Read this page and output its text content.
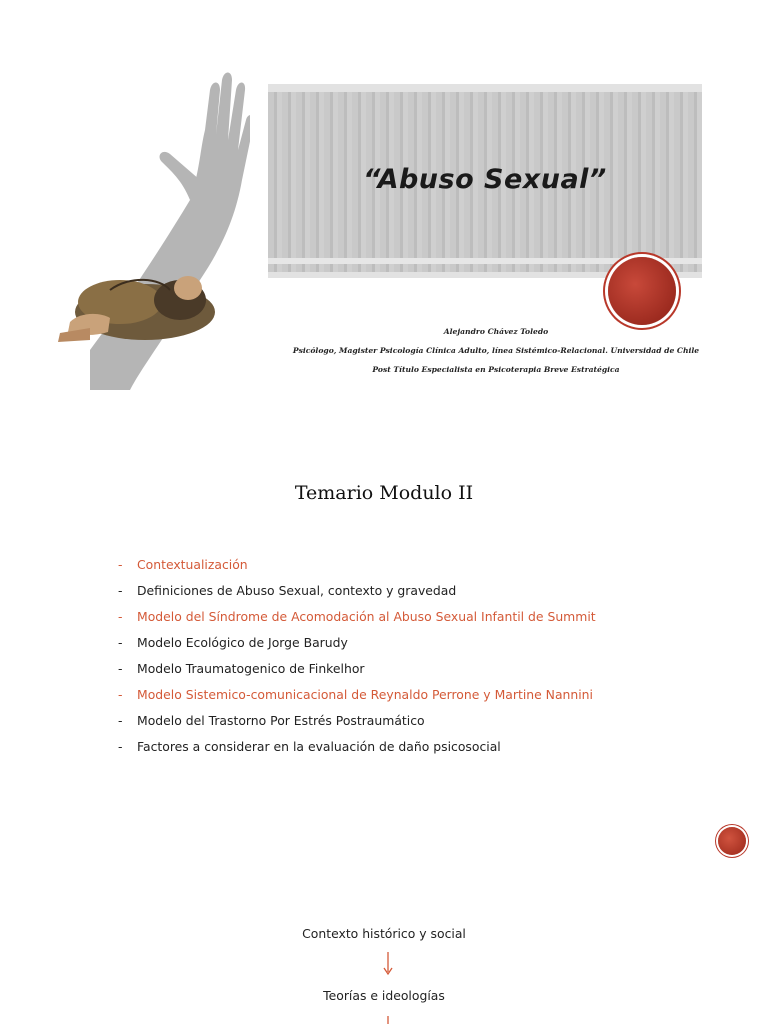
“Abuso Sexual”
Alejandro Chávez Toledo
Psicólogo, Magister Psicología Clínica Adulto, línea Sistémico-Relacional. Universidad de Chile
Post Título Especialista en Psicoterapia Breve Estratégica
Temario Modulo II
- Contextualización
- Definiciones de Abuso Sexual, contexto y gravedad
- Modelo del Síndrome de Acomodación al Abuso Sexual Infantil de Summit
- Modelo Ecológico de Jorge Barudy
- Modelo Traumatogenico de Finkelhor
- Modelo Sistemico-comunicacional de Reynaldo Perrone y Martine Nannini
- Modelo del Trastorno Por Estrés Postraumático
- Factores a considerar en la evaluación de daño psicosocial
Contexto histórico y social
Teorías e ideologías
